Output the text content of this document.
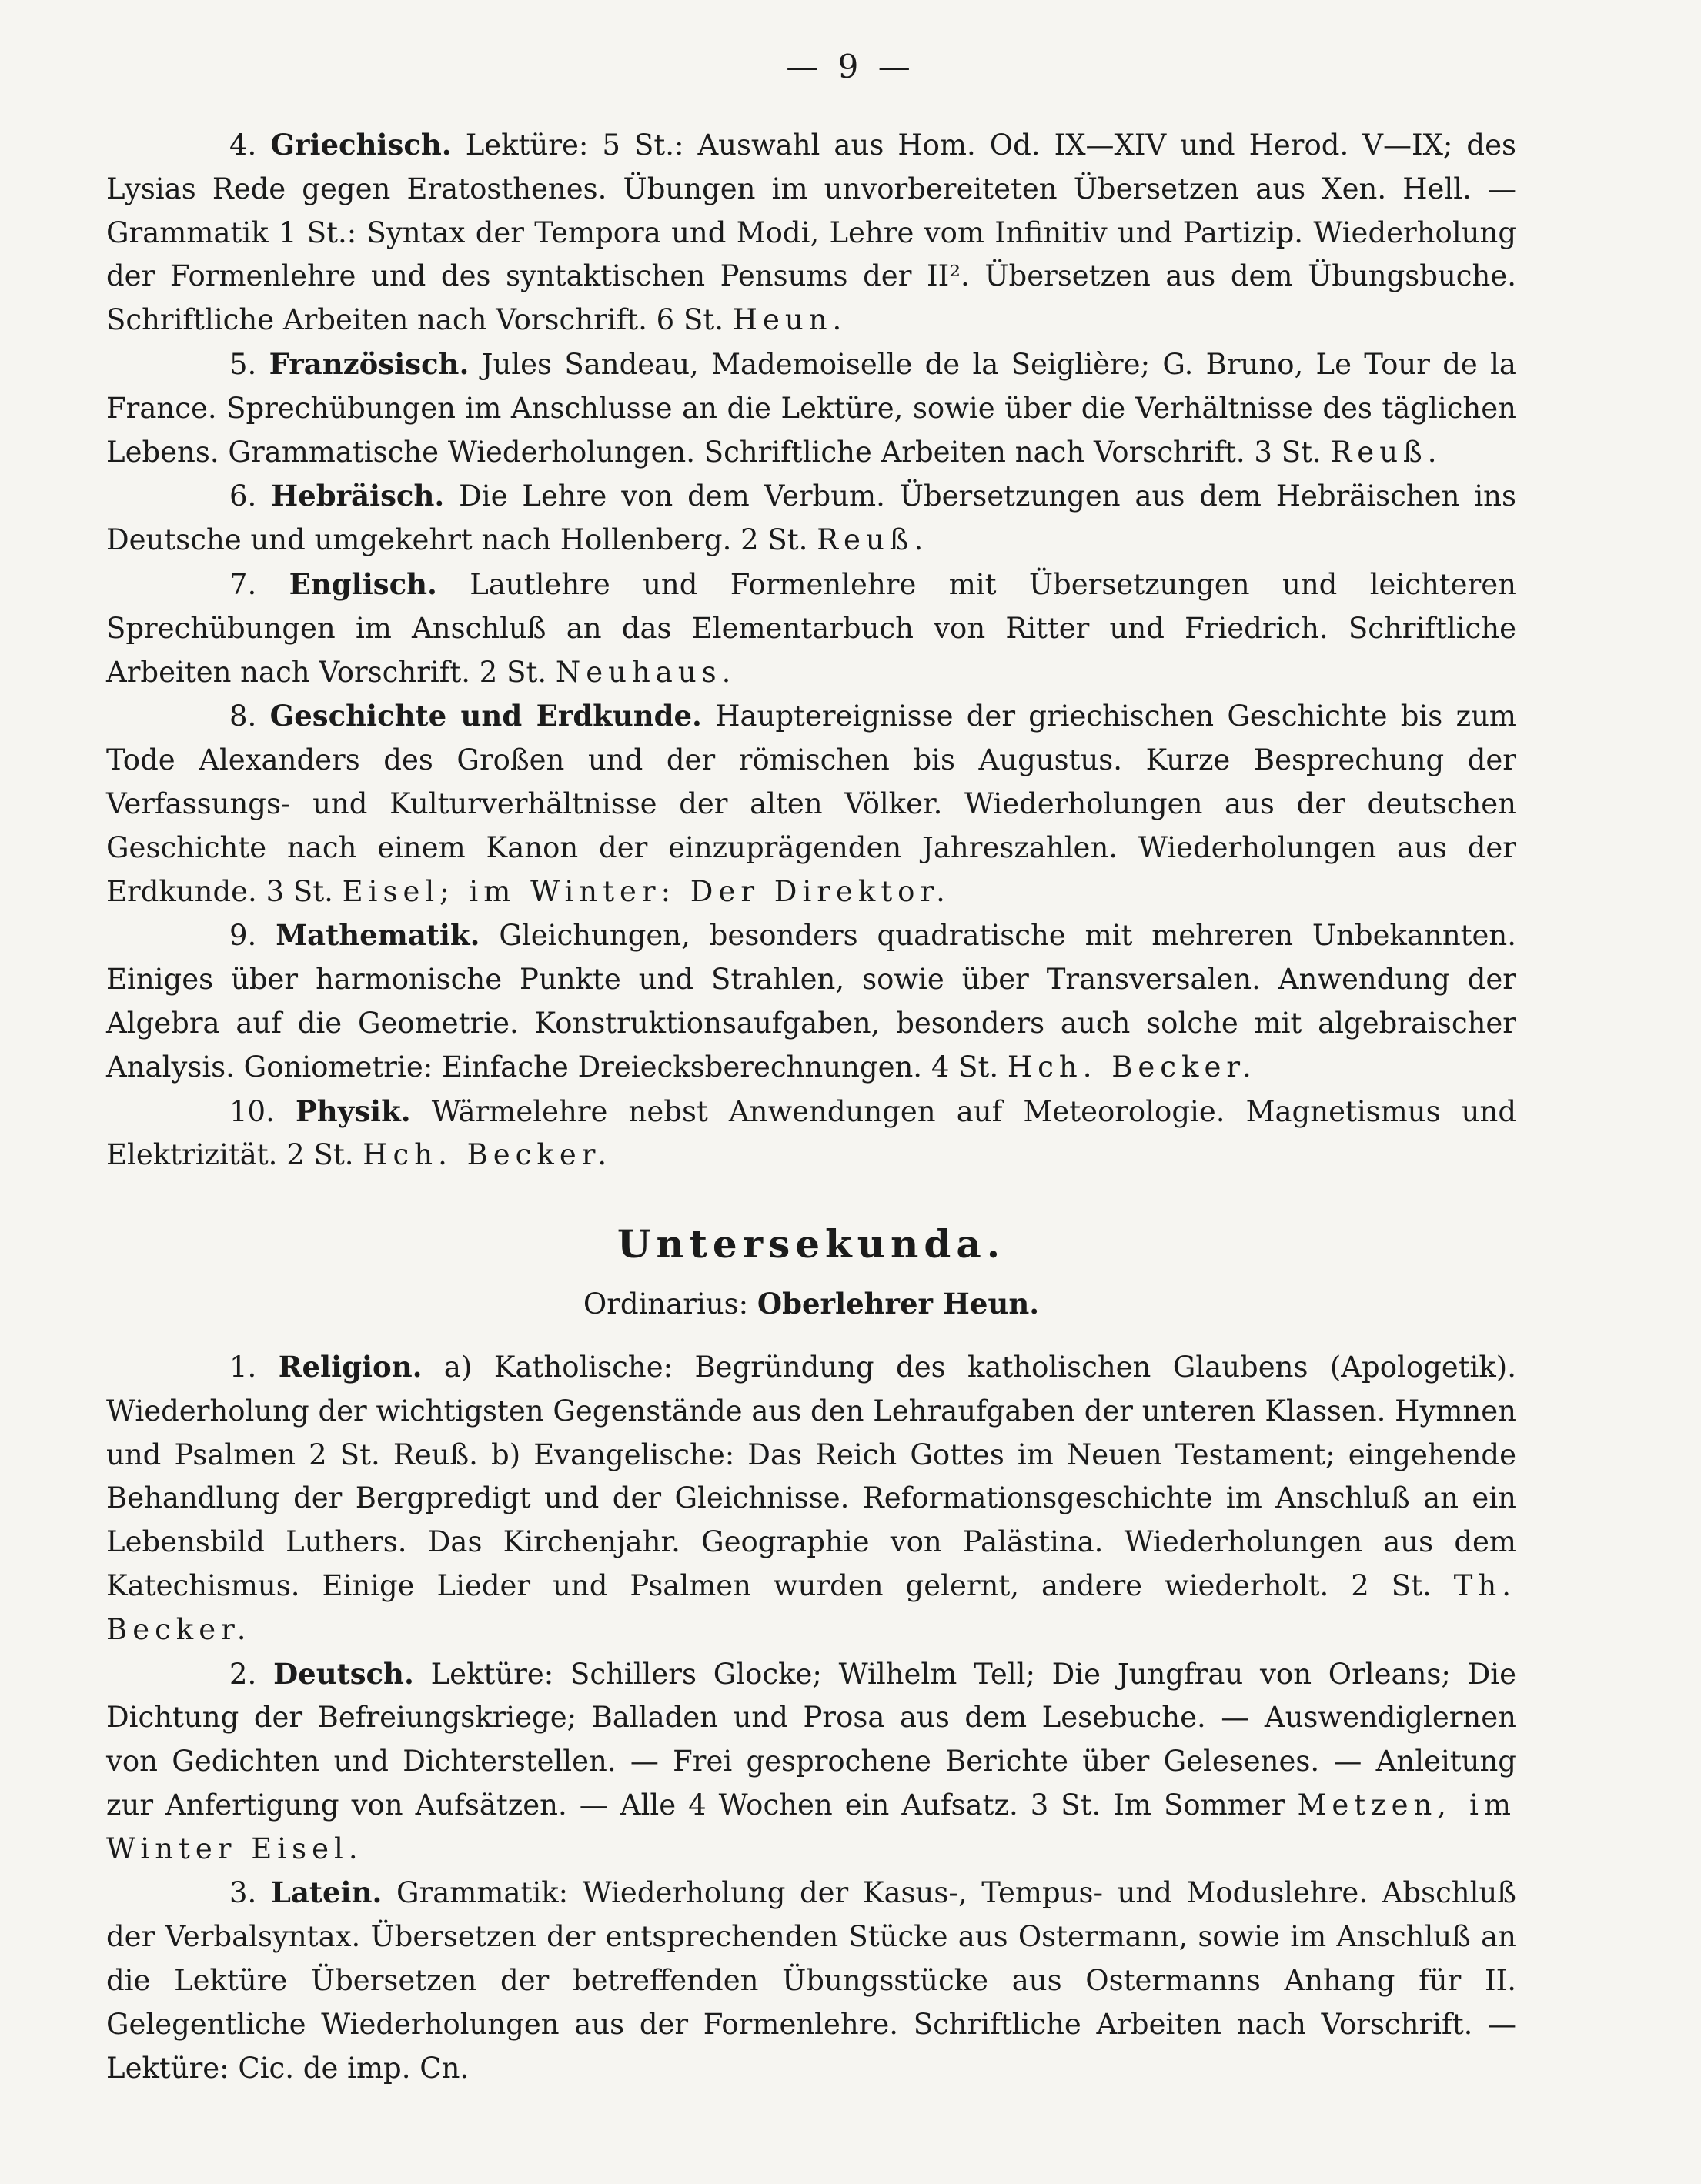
— 9 —

4. Griechisch. Lektüre: 5 St.: Auswahl aus Hom. Od. IX—XIV und Herod. V—IX; des Lysias Rede gegen Eratosthenes. Übungen im unvorbereiteten Übersetzen aus Xen. Hell. — Grammatik 1 St.: Syntax der Tempora und Modi, Lehre vom Infinitiv und Partizip. Wiederholung der Formenlehre und des syntaktischen Pensums der II². Übersetzen aus dem Übungsbuche. Schriftliche Arbeiten nach Vorschrift. 6 St. Heun.

5. Französisch. Jules Sandeau, Mademoiselle de la Seiglière; G. Bruno, Le Tour de la France. Sprechübungen im Anschlusse an die Lektüre, sowie über die Verhältnisse des täglichen Lebens. Grammatische Wiederholungen. Schriftliche Arbeiten nach Vorschrift. 3 St. Reuß.

6. Hebräisch. Die Lehre von dem Verbum. Übersetzungen aus dem Hebräischen ins Deutsche und umgekehrt nach Hollenberg. 2 St. Reuß.

7. Englisch. Lautlehre und Formenlehre mit Übersetzungen und leichteren Sprechübungen im Anschluß an das Elementarbuch von Ritter und Friedrich. Schriftliche Arbeiten nach Vorschrift. 2 St. Neuhaus.

8. Geschichte und Erdkunde. Hauptereignisse der griechischen Geschichte bis zum Tode Alexanders des Großen und der römischen bis Augustus. Kurze Besprechung der Verfassungs- und Kulturverhältnisse der alten Völker. Wiederholungen aus der deutschen Geschichte nach einem Kanon der einzuprägenden Jahreszahlen. Wiederholungen aus der Erdkunde. 3 St. Eisel; im Winter: Der Direktor.

9. Mathematik. Gleichungen, besonders quadratische mit mehreren Unbekannten. Einiges über harmonische Punkte und Strahlen, sowie über Transversalen. Anwendung der Algebra auf die Geometrie. Konstruktionsaufgaben, besonders auch solche mit algebraischer Analysis. Goniometrie: Einfache Dreiecksberechnungen. 4 St. Hch. Becker.

10. Physik. Wärmelehre nebst Anwendungen auf Meteorologie. Magnetismus und Elektrizität. 2 St. Hch. Becker.

Untersekunda.

Ordinarius: Oberlehrer Heun.

1. Religion. a) Katholische: Begründung des katholischen Glaubens (Apologetik). Wiederholung der wichtigsten Gegenstände aus den Lehraufgaben der unteren Klassen. Hymnen und Psalmen 2 St. Reuß. b) Evangelische: Das Reich Gottes im Neuen Testament; eingehende Behandlung der Bergpredigt und der Gleichnisse. Reformationsgeschichte im Anschluß an ein Lebensbild Luthers. Das Kirchenjahr. Geographie von Palästina. Wiederholungen aus dem Katechismus. Einige Lieder und Psalmen wurden gelernt, andere wiederholt. 2 St. Th. Becker.

2. Deutsch. Lektüre: Schillers Glocke; Wilhelm Tell; Die Jungfrau von Orleans; Die Dichtung der Befreiungskriege; Balladen und Prosa aus dem Lesebuche. — Auswendiglernen von Gedichten und Dichterstellen. — Frei gesprochene Berichte über Gelesenes. — Anleitung zur Anfertigung von Aufsätzen. — Alle 4 Wochen ein Aufsatz. 3 St. Im Sommer Metzen, im Winter Eisel.

3. Latein. Grammatik: Wiederholung der Kasus-, Tempus- und Moduslehre. Abschluß der Verbalsyntax. Übersetzen der entsprechenden Stücke aus Ostermann, sowie im Anschluß an die Lektüre Übersetzen der betreffenden Übungsstücke aus Ostermanns Anhang für II. Gelegentliche Wiederholungen aus der Formenlehre. Schriftliche Arbeiten nach Vorschrift. — Lektüre: Cic. de imp. Cn.
